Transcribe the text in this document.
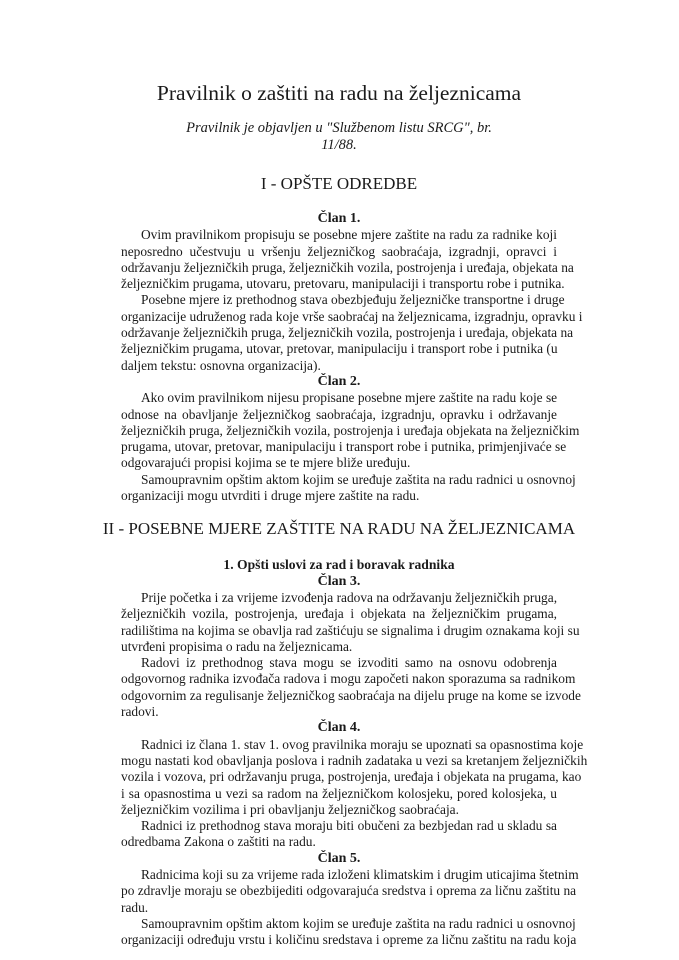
Pravilnik o zaštiti na radu na željeznicama
Pravilnik je objavljen u "Službenom listu SRCG", br.
11/88.
I - OPŠTE ODREDBE
Član 1.
Ovim pravilnikom propisuju se posebne mjere zaštite na radu za radnike koji
neposredno učestvuju u vršenju željezničkog saobraćaja, izgradnji, opravci i
održavanju željezničkih pruga, željezničkih vozila, postrojenja i uređaja, objekata na
željezničkim prugama, utovaru, pretovaru, manipulaciji i transportu robe i putnika.
Posebne mjere iz prethodnog stava obezbjeđuju željezničke transportne i druge
organizacije udruženog rada koje vrše saobraćaj na željeznicama, izgradnju, opravku i
održavanje željezničkih pruga, željezničkih vozila, postrojenja i uređaja, objekata na
željezničkim prugama, utovar, pretovar, manipulaciju i transport robe i putnika (u
daljem tekstu: osnovna organizacija).
Član 2.
Ako ovim pravilnikom nijesu propisane posebne mjere zaštite na radu koje se
odnose na obavljanje željezničkog saobraćaja, izgradnju, opravku i održavanje
željezničkih pruga, željezničkih vozila, postrojenja i uređaja objekata na željezničkim
prugama, utovar, pretovar, manipulaciju i transport robe i putnika, primjenjivaće se
odgovarajući propisi kojima se te mjere bliže uređuju.
Samoupravnim opštim aktom kojim se uređuje zaštita na radu radnici u osnovnoj
organizaciji mogu utvrditi i druge mjere zaštite na radu.
II - POSEBNE MJERE ZAŠTITE NA RADU NA ŽELJEZNICAMA
1. Opšti uslovi za rad i boravak radnika
Član 3.
Prije početka i za vrijeme izvođenja radova na održavanju željezničkih pruga,
željezničkih vozila, postrojenja, uređaja i objekata na željezničkim prugama,
radilištima na kojima se obavlja rad zaštićuju se signalima i drugim oznakama koji su
utvrđeni propisima o radu na željeznicama.
Radovi iz prethodnog stava mogu se izvoditi samo na osnovu odobrenja
odgovornog radnika izvođača radova i mogu započeti nakon sporazuma sa radnikom
odgovornim za regulisanje željezničkog saobraćaja na dijelu pruge na kome se izvode
radovi.
Član 4.
Radnici iz člana 1. stav 1. ovog pravilnika moraju se upoznati sa opasnostima koje
mogu nastati kod obavljanja poslova i radnih zadataka u vezi sa kretanjem željezničkih
vozila i vozova, pri održavanju pruga, postrojenja, uređaja i objekata na prugama, kao
i sa opasnostima u vezi sa radom na željezničkom kolosjeku, pored kolosjeka, u
željezničkim vozilima i pri obavljanju željezničkog saobraćaja.
Radnici iz prethodnog stava moraju biti obučeni za bezbjedan rad u skladu sa
odredbama Zakona o zaštiti na radu.
Član 5.
Radnicima koji su za vrijeme rada izloženi klimatskim i drugim uticajima štetnim
po zdravlje moraju se obezbijediti odgovarajuća sredstva i oprema za ličnu zaštitu na
radu.
Samoupravnim opštim aktom kojim se uređuje zaštita na radu radnici u osnovnoj
organizaciji određuju vrstu i količinu sredstava i opreme za ličnu zaštitu na radu koja
